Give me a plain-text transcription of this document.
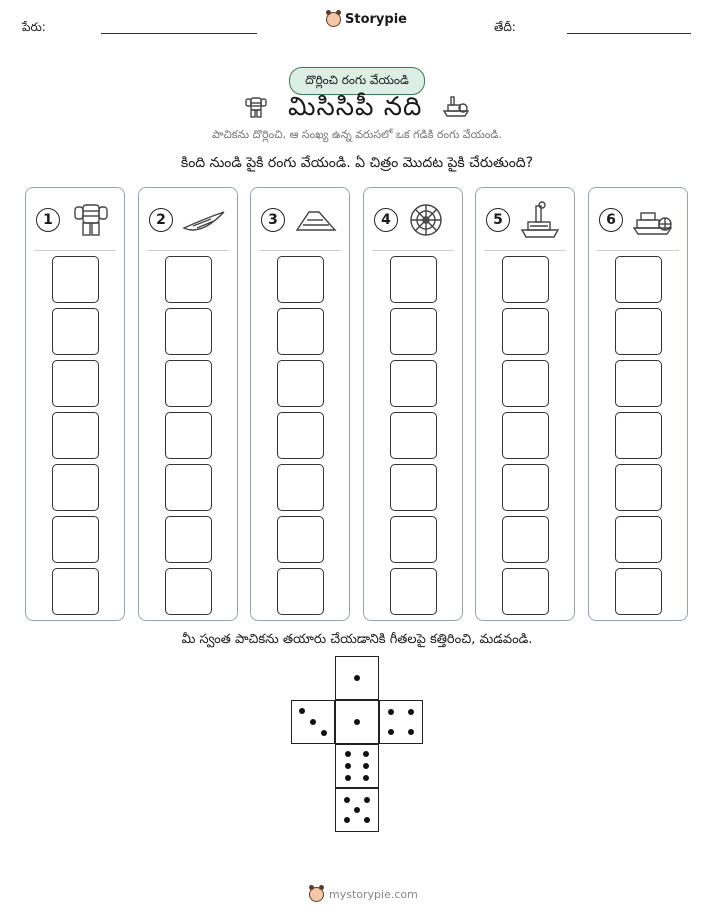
పేరు:	Storypie	తేదీ:
దొర్లించి రంగు వేయండి
మిసిసిపీ నది
పాచికను దొర్లించి, ఆ సంఖ్య ఉన్న వరుసలో ఒక గడికి రంగు వేయండి.
కింది నుండి పైకి రంగు వేయండి. ఏ చిత్రం మొదట పైకి చేరుతుంది?
1	2	3	4	5	6
మీ స్వంత పాచికను తయారు చేయడానికి గీతలపై కత్తిరించి, మడవండి.
mystorypie.com
